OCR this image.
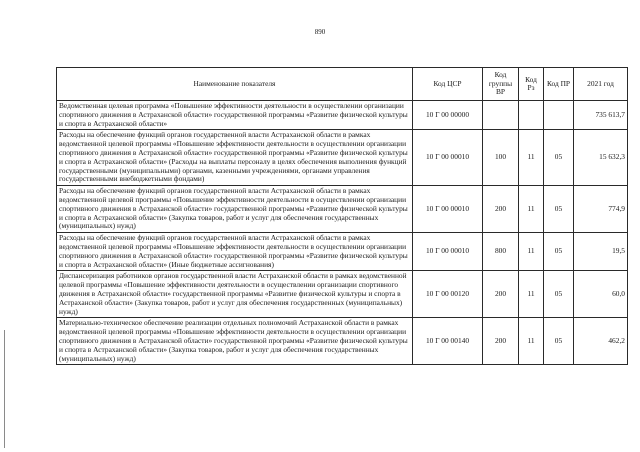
890
Наименование показателя	Код ЦСР	Код группы ВР	Код Рз	Код ПР	2021 год
Ведомственная целевая программа «Повышение эффективности деятельности в осуществлении организации спортивного движения в Астраханской области» государственной программы «Развитие физической культуры и спорта в Астраханской области»	10 Г 00 00000				735 613,7
Расходы на обеспечение функций органов государственной власти Астраханской области в рамках ведомственной целевой программы «Повышение эффективности деятельности в осуществлении организации спортивного движения в Астраханской области» государственной программы «Развитие физической культуры и спорта в Астраханской области» (Расходы на выплаты персоналу в целях обеспечения выполнения функций государственными (муниципальными) органами, казенными учреждениями, органами управления государственными внебюджетными фондами)	10 Г 00 00010	100	11	05	15 632,3
Расходы на обеспечение функций органов государственной власти Астраханской области в рамках ведомственной целевой программы «Повышение эффективности деятельности в осуществлении организации спортивного движения в Астраханской области» государственной программы «Развитие физической культуры и спорта в Астраханской области» (Закупка товаров, работ и услуг для обеспечения государственных (муниципальных) нужд)	10 Г 00 00010	200	11	05	774,9
Расходы на обеспечение функций органов государственной власти Астраханской области в рамках ведомственной целевой программы «Повышение эффективности деятельности в осуществлении организации спортивного движения в Астраханской области» государственной программы «Развитие физической культуры и спорта в Астраханской области» (Иные бюджетные ассигнования)	10 Г 00 00010	800	11	05	19,5
Диспансеризация работников органов государственной власти Астраханской области в рамках ведомственной целевой программы «Повышение эффективности деятельности в осуществлении организации спортивного движения в Астраханской области» государственной программы «Развитие физической культуры и спорта в Астраханской области» (Закупка товаров, работ и услуг для обеспечения государственных (муниципальных) нужд)	10 Г 00 00120	200	11	05	60,0
Материально-техническое обеспечение реализации отдельных полномочий Астраханской области в рамках ведомственной целевой программы «Повышение эффективности деятельности в осуществлении организации спортивного движения в Астраханской области» государственной программы «Развитие физической культуры и спорта в Астраханской области» (Закупка товаров, работ и услуг для обеспечения государственных (муниципальных) нужд)	10 Г 00 00140	200	11	05	462,2
